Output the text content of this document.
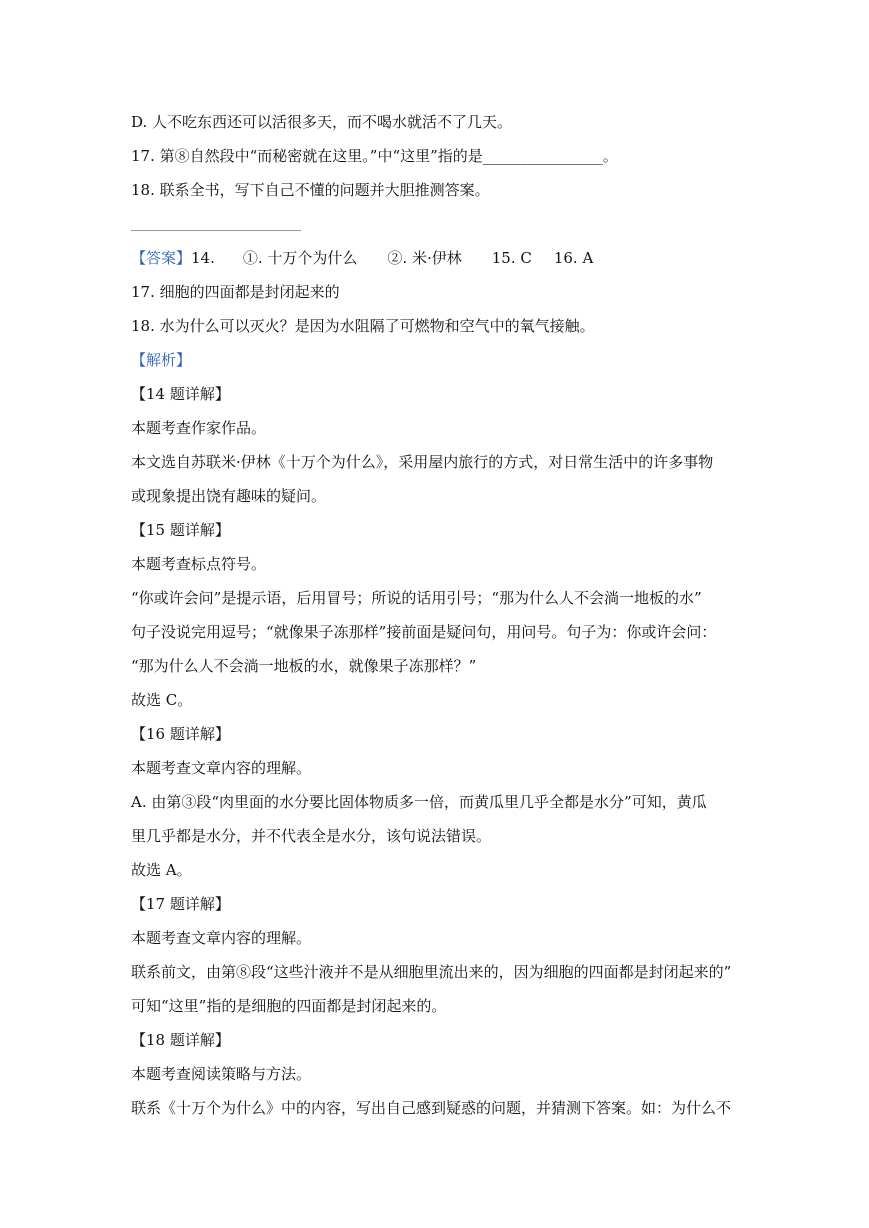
D. 人不吃东西还可以活很多天，而不喝水就活不了几天。
17. 第⑧自然段中“而秘密就在这里。”中“这里”指的是________________。
18. 联系全书，写下自己不懂的问题并大胆推测答案。
【答案】14. ①. 十万个为什么 ②. 米·伊林 15. C 16. A
17. 细胞的四面都是封闭起来的
18. 水为什么可以灭火？是因为水阻隔了可燃物和空气中的氧气接触。
【解析】
【14 题详解】
本题考查作家作品。
本文选自苏联米·伊林《十万个为什么》，采用屋内旅行的方式，对日常生活中的许多事物
或现象提出饶有趣味的疑问。
【15 题详解】
本题考查标点符号。
“你或许会问”是提示语，后用冒号；所说的话用引号；“那为什么人不会淌一地板的水”
句子没说完用逗号；“就像果子冻那样”接前面是疑问句，用问号。句子为：你或许会问：
“那为什么人不会淌一地板的水，就像果子冻那样？”
故选 C。
【16 题详解】
本题考查文章内容的理解。
A. 由第③段“肉里面的水分要比固体物质多一倍，而黄瓜里几乎全都是水分”可知，黄瓜
里几乎都是水分，并不代表全是水分，该句说法错误。
故选 A。
【17 题详解】
本题考查文章内容的理解。
联系前文，由第⑧段“这些汁液并不是从细胞里流出来的，因为细胞的四面都是封闭起来的”
可知“这里”指的是细胞的四面都是封闭起来的。
【18 题详解】
本题考查阅读策略与方法。
联系《十万个为什么》中的内容，写出自己感到疑惑的问题，并猜测下答案。如：为什么不
